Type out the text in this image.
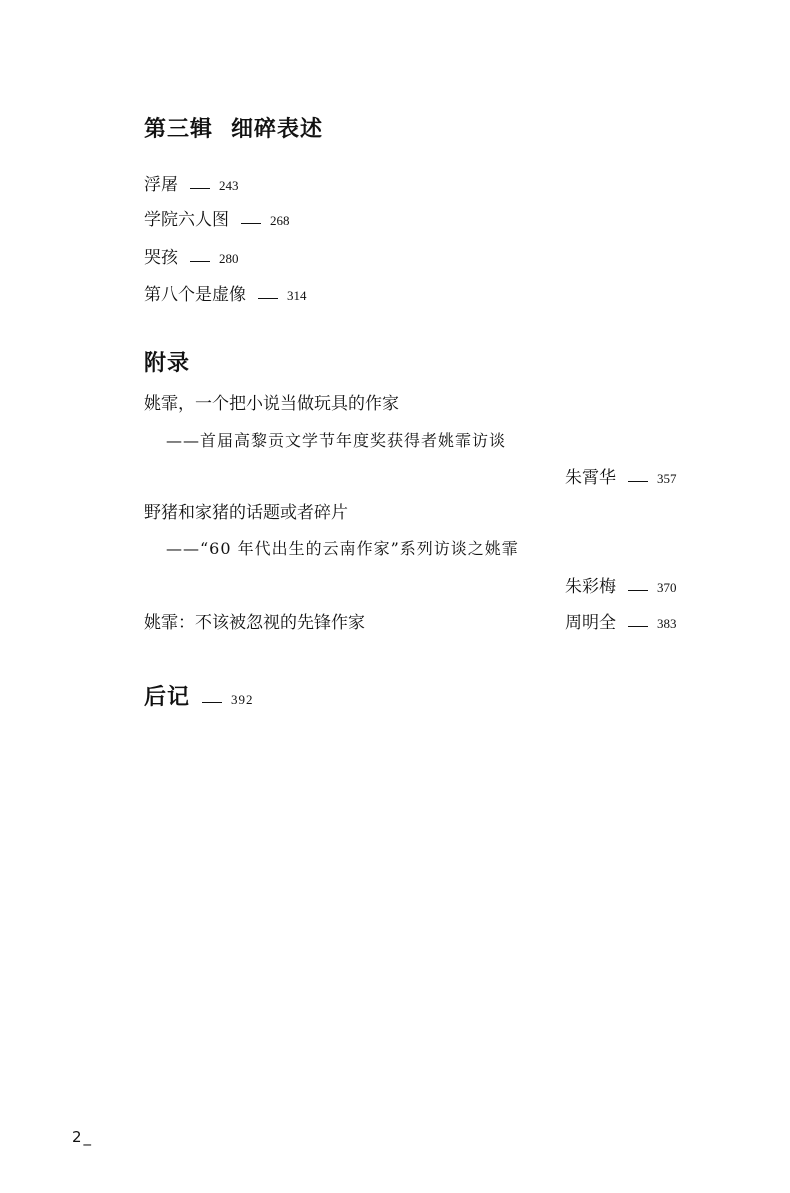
第三辑 细碎表述
浮屠	243
学院六人图	268
哭孩	280
第八个是虚像	314
附录
姚霏，一个把小说当做玩具的作家
——首届高黎贡文学节年度奖获得者姚霏访谈
朱霄华	357
野猪和家猪的话题或者碎片
——“60 年代出生的云南作家”系列访谈之姚霏
朱彩梅	370
姚霏：不该被忽视的先锋作家	周明全	383
后记	392
2_
